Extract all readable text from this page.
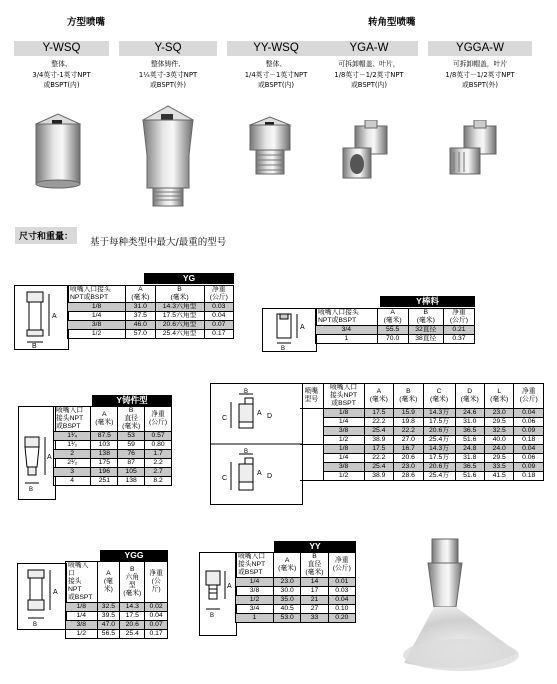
方型喷嘴	转角型喷嘴
Y-WSQ	Y-SQ	YY-WSQ	YGA-W	YGGA-W
整体、
3/4英寸-1英寸NPT
或BSPT(内)
整体铸件、
1¹⁄₄英寸-3英寸NPT
或BSPT(外)
整体、
1/4英寸－1英寸NPT
或BSPT(内)
可拆卸帽盖、叶片，
1/8英寸－1/2英寸NPT
或BSPT(内)
可拆卸帽盖，叶片
1/8英寸－1/2英寸NPT
或BSPT(外)
尺寸和重量：	基于每种类型中最大/最重的型号
A
B
YG
喷嘴入口接头
NPT或BSPT	A
(毫米)	B
(毫米)	净重
(公斤)
1/8	31.0	14.3六角型	0.03
1/4	37.5	17.5六角型	0.04
3/8	46.0	20.6六角型	0.07
1/2	57.0	25.4六角型	0.17
A
B
Y棒料
喷嘴入口接头
NPT或BSPT	A
(毫米)	B
(毫米)	净重
(公斤)
3/4	55.5	32直径	0.21
1	70.0	38直径	0.37
A
B
Y铸件型
喷嘴入口
接头NPT
或BSPT	A
(毫米)	B
直径
(毫米)	净重
(公斤)
1¹⁄₄	87.5	53	0.57
1¹⁄₂	103	59	0.80
2	138	76	1.7
2¹⁄₂	175	87	2.2
3	196	105	2.7
4	251	138	8.2
C
A D
B
C
A D
B
喷嘴
型号	喷嘴入口
接头NPT
或BSPT	A
(毫米)	B
(毫米)	C
(毫米)	D
(毫米)	L
(毫米)	净重
(公斤)
	1/8	17.5	15.9	14.3方	24.6	23.0	0.04
	1/4	22.2	19.8	17.5方	31.0	29.5	0.06
	3/8	25.4	22.2	20.6方	36.5	32.5	0.09
	1/2	38.9	27.0	25.4方	51.6	40.0	0.18
	1/8	17.5	16.7	14.3方	24.8	24.0	0.04
	1/4	22.2	20.6	17.5方	31.8	29.5	0.06
	3/8	25.4	23.0	20.6方	36.5	33.5	0.09
	1/2	38.9	28.6	25.4方	51.6	41.5	0.18
A
B
YGG
喷嘴入口
接头NPT
或BSPT	A
(毫米)	B
六角型
(毫米)	净重
(公斤)
1/8	32.5	14.3	0.02
1/4	39.5	17.5	0.04
3/8	47.0	20.6	0.07
1/2	56.5	25.4	0.17
A
B
YY
喷嘴入口
接头NPT
或BSPT	A
(毫米)	B
直径
(毫米)	净重
(公斤)
1/4	23.0	14	0.01
3/8	30.0	17	0.03
1/2	35.0	21	0.04
3/4	40.5	27	0.10
1	53.0	33	0.20
